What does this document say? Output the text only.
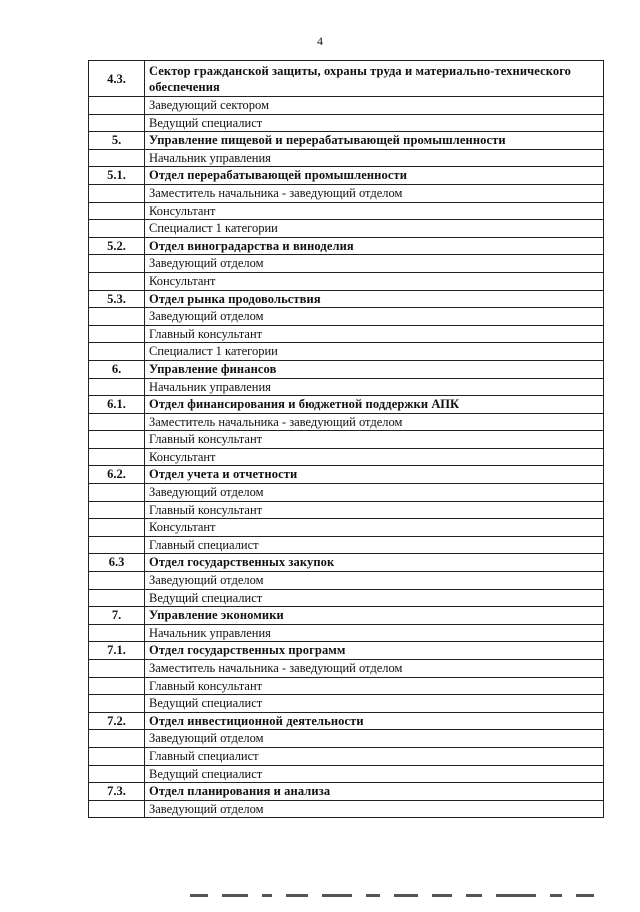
4
4.3.	Сектор гражданской защиты, охраны труда и материально-технического обеспечения
	Заведующий сектором
	Ведущий специалист
5.	Управление пищевой и перерабатывающей промышленности
	Начальник управления
5.1.	Отдел перерабатывающей промышленности
	Заместитель начальника - заведующий отделом
	Консультант
	Специалист 1 категории
5.2.	Отдел виноградарства и виноделия
	Заведующий отделом
	Консультант
5.3.	Отдел рынка продовольствия
	Заведующий отделом
	Главный консультант
	Специалист 1 категории
6.	Управление финансов
	Начальник управления
6.1.	Отдел финансирования и бюджетной поддержки АПК
	Заместитель начальника - заведующий отделом
	Главный консультант
	Консультант
6.2.	Отдел учета и отчетности
	Заведующий отделом
	Главный консультант
	Консультант
	Главный специалист
6.3	Отдел государственных закупок
	Заведующий отделом
	Ведущий специалист
7.	Управление экономики
	Начальник управления
7.1.	Отдел государственных программ
	Заместитель начальника - заведующий отделом
	Главный консультант
	Ведущий специалист
7.2.	Отдел инвестиционной деятельности
	Заведующий отделом
	Главный специалист
	Ведущий специалист
7.3.	Отдел планирования и анализа
	Заведующий отделом
